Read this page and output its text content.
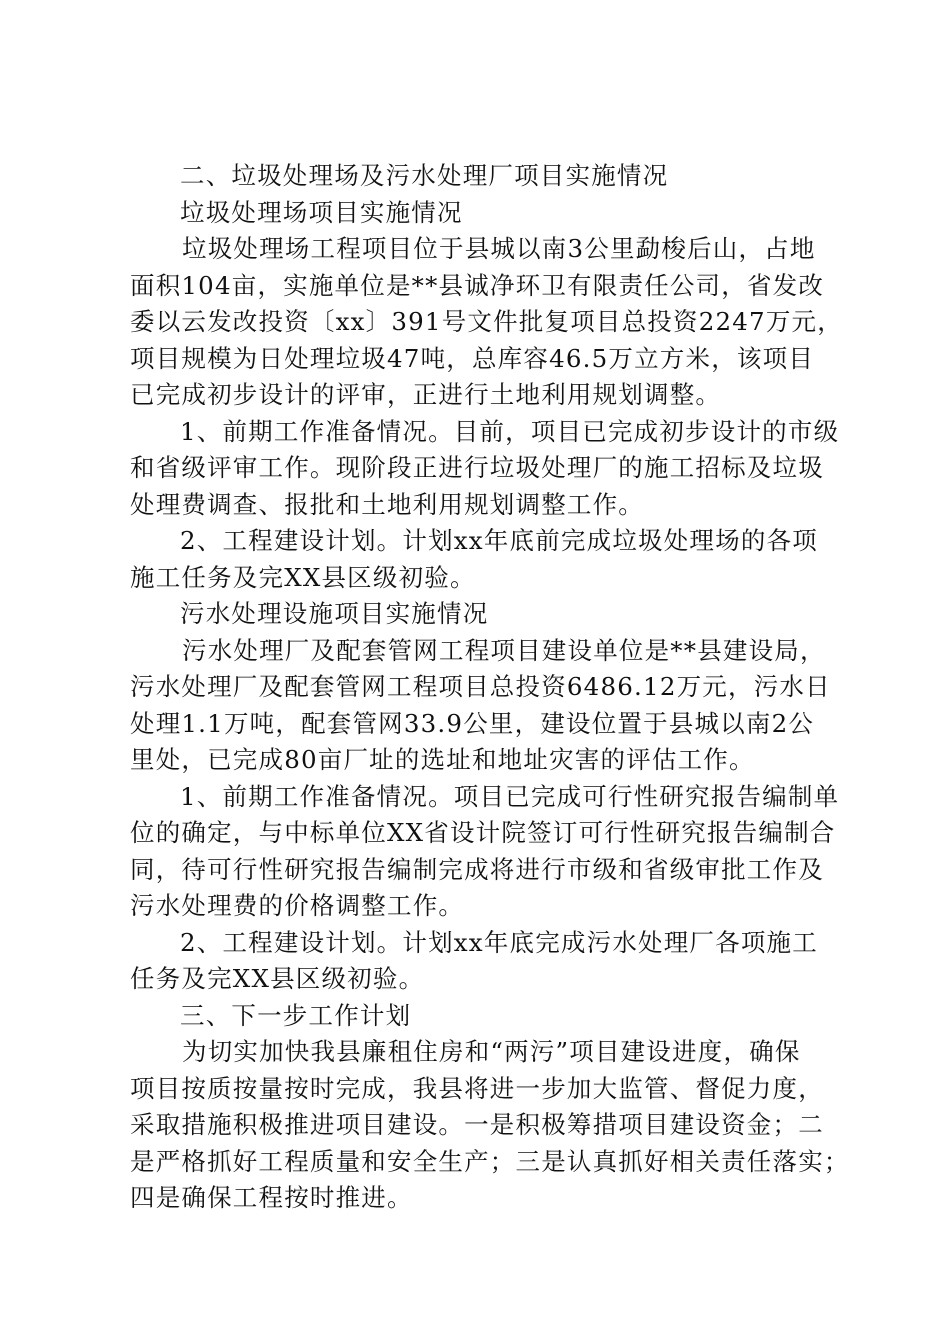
二、垃圾处理场及污水处理厂项目实施情况
垃圾处理场项目实施情况
垃圾处理场工程项目位于县城以南3公里勐梭后山，占地
面积104亩，实施单位是**县诚净环卫有限责任公司，省发改
委以云发改投资〔xx〕391号文件批复项目总投资2247万元，
项目规模为日处理垃圾47吨，总库容46.5万立方米，该项目
已完成初步设计的评审，正进行土地利用规划调整。
1、前期工作准备情况。目前，项目已完成初步设计的市级
和省级评审工作。现阶段正进行垃圾处理厂的施工招标及垃圾
处理费调查、报批和土地利用规划调整工作。
2、工程建设计划。计划xx年底前完成垃圾处理场的各项
施工任务及完XX县区级初验。
污水处理设施项目实施情况
污水处理厂及配套管网工程项目建设单位是**县建设局，
污水处理厂及配套管网工程项目总投资6486.12万元，污水日
处理1.1万吨，配套管网33.9公里，建设位置于县城以南2公
里处，已完成80亩厂址的选址和地址灾害的评估工作。
1、前期工作准备情况。项目已完成可行性研究报告编制单
位的确定，与中标单位XX省设计院签订可行性研究报告编制合
同，待可行性研究报告编制完成将进行市级和省级审批工作及
污水处理费的价格调整工作。
2、工程建设计划。计划xx年底完成污水处理厂各项施工
任务及完XX县区级初验。
三、下一步工作计划
为切实加快我县廉租住房和“两污”项目建设进度，确保
项目按质按量按时完成，我县将进一步加大监管、督促力度，
采取措施积极推进项目建设。一是积极筹措项目建设资金；二
是严格抓好工程质量和安全生产；三是认真抓好相关责任落实；
四是确保工程按时推进。
